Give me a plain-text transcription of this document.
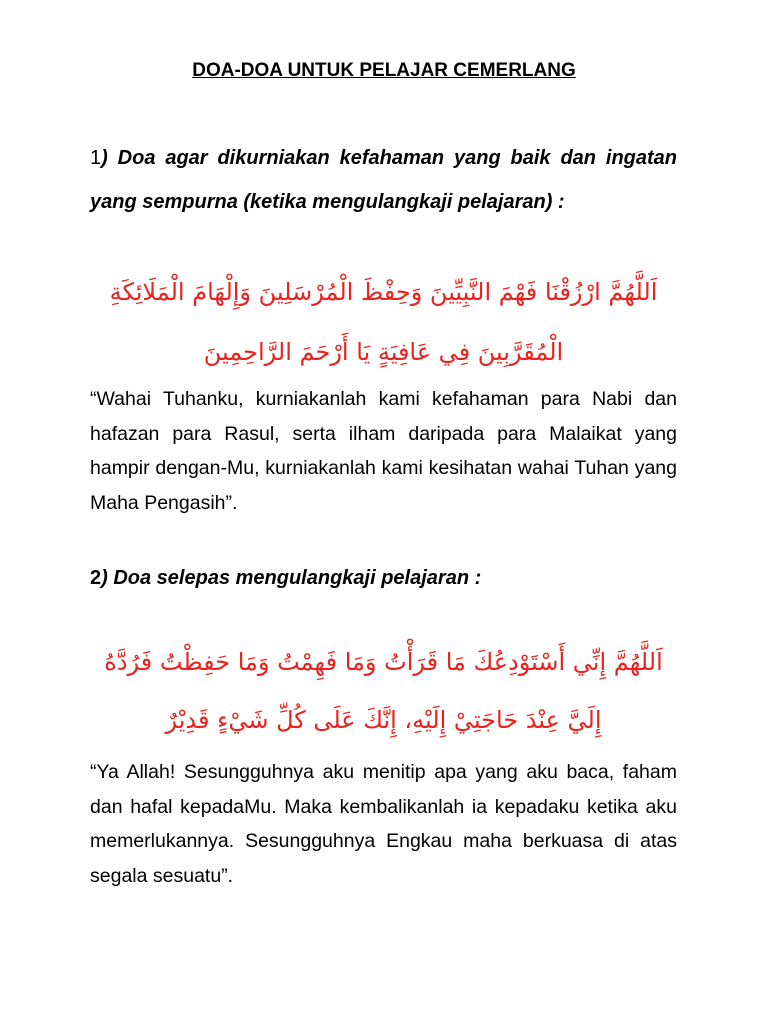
DOA-DOA UNTUK PELAJAR CEMERLANG
1) Doa agar dikurniakan kefahaman yang baik dan ingatan yang sempurna (ketika mengulangkaji pelajaran) :
اَللَّهُمَّ ارْزُقْنَا فَهْمَ النَّبِيِّينَ وَحِفْظَ الْمُرْسَلِينَ وَإِلْهَامَ الْمَلَائِكَةِ
الْمُقَرَّبِينَ فِي عَافِيَةٍ يَا أَرْحَمَ الرَّاحِمِينَ
“Wahai Tuhanku, kurniakanlah kami kefahaman para Nabi dan hafazan para Rasul, serta ilham daripada para Malaikat yang hampir dengan-Mu, kurniakanlah kami kesihatan wahai Tuhan yang Maha Pengasih”.
2) Doa selepas mengulangkaji pelajaran :
اَللَّهُمَّ إِنِّي أَسْتَوْدِعُكَ مَا قَرَأْتُ وَمَا فَهِمْتُ وَمَا حَفِظْتُ فَرُدَّهُ
إِلَيَّ عِنْدَ حَاجَتِيْ إِلَيْهِ، إِنَّكَ عَلَى كُلِّ شَيْءٍ قَدِيْرٌ
“Ya Allah! Sesungguhnya aku menitip apa yang aku baca, faham dan hafal kepadaMu. Maka kembalikanlah ia kepadaku ketika aku memerlukannya. Sesungguhnya Engkau maha berkuasa di atas segala sesuatu”.
